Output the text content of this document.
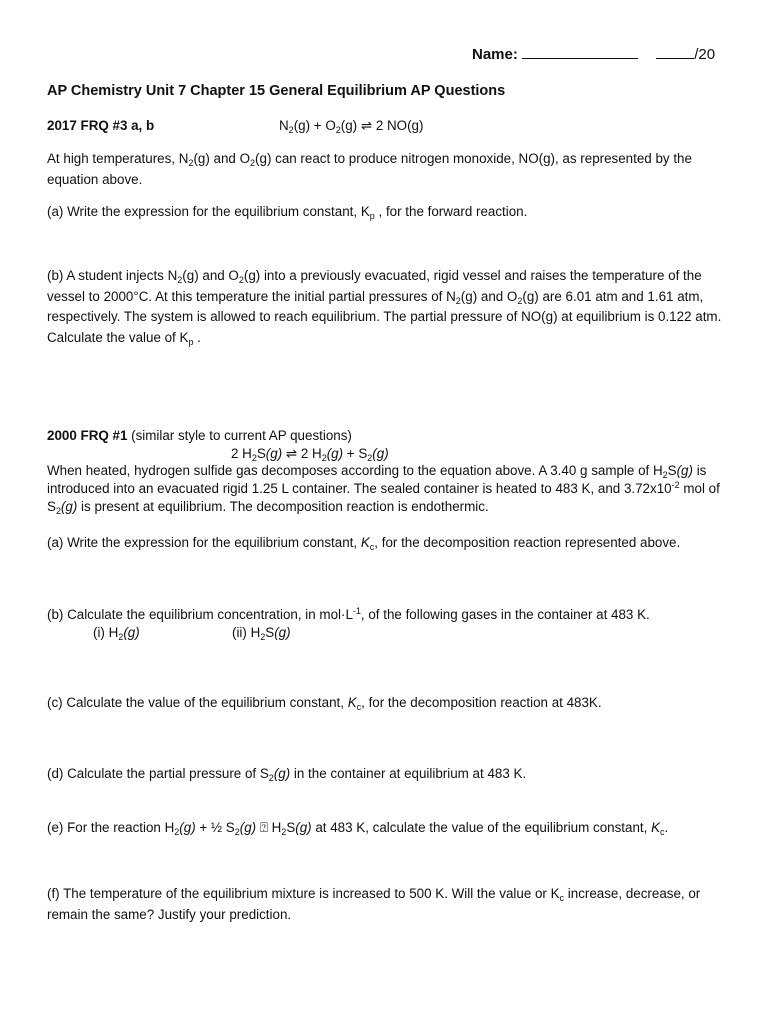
Name:	/20
AP Chemistry Unit 7 Chapter 15 General Equilibrium AP Questions
2017 FRQ #3 a, b	$N_2(g) + O_2(g)$ ⇌ 2 NO(g)
At high temperatures, $N_2(g)$ and $O_2(g)$ can react to produce nitrogen monoxide, NO(g), as represented by the equation above.
(a) Write the expression for the equilibrium constant, $K_p$ , for the forward reaction.
(b) A student injects $N_2(g)$ and $O_2(g)$ into a previously evacuated, rigid vessel and raises the temperature of the vessel to 2000°C. At this temperature the initial partial pressures of $N_2(g)$ and $O_2(g)$ are 6.01 atm and 1.61 atm, respectively. The system is allowed to reach equilibrium. The partial pressure of NO(g) at equilibrium is 0.122 atm. Calculate the value of $K_p$ .
2000 FRQ #1 (similar style to current AP questions)
2 $H_2S(g)$ ⇌ 2 $H_2(g) + S_2(g)$
When heated, hydrogen sulfide gas decomposes according to the equation above. A 3.40 g sample of $H_2S(g)$ is introduced into an evacuated rigid 1.25 L container. The sealed container is heated to 483 K, and $3.72x10^{-2}$ mol of $S_2(g)$ is present at equilibrium. The decomposition reaction is endothermic.
(a) Write the expression for the equilibrium constant, $K_c$, for the decomposition reaction represented above.
(b) Calculate the equilibrium concentration, in $mol\cdot L^{-1}$, of the following gases in the container at 483 K.
(i) $H_2(g)$	(ii) $H_2S(g)$
(c) Calculate the value of the equilibrium constant, $K_c$, for the decomposition reaction at 483K.
(d) Calculate the partial pressure of $S_2(g)$ in the container at equilibrium at 483 K.
(e) For the reaction $H_2(g)$ + ½ $S_2(g)$ ⍰ $H_2S(g)$ at 483 K, calculate the value of the equilibrium constant, $K_c$.
(f) The temperature of the equilibrium mixture is increased to 500 K. Will the value or $K_c$ increase, decrease, or remain the same? Justify your prediction.
